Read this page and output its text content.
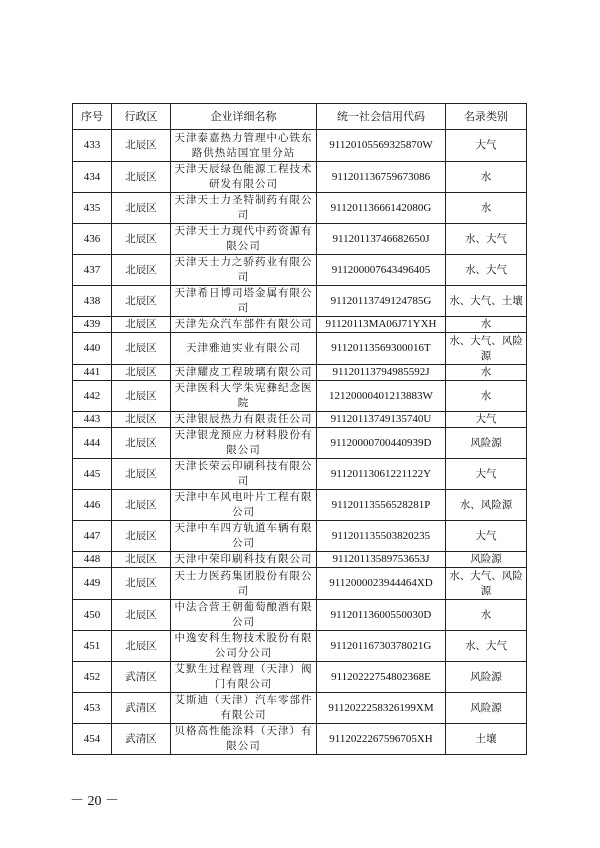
序号	行政区	企业详细名称	统一社会信用代码	名录类别
433	北辰区	天津泰嘉热力管理中心铁东路供热站国宜里分站	91120105569325870W	大气
434	北辰区	天津天辰绿色能源工程技术研发有限公司	911201136759673086	水
435	北辰区	天津天士力圣特制药有限公司	91120113666142080G	水
436	北辰区	天津天士力现代中药资源有限公司	91120113746682650J	水、大气
437	北辰区	天津天士力之骄药业有限公司	911200007643496405	水、大气
438	北辰区	天津希日博司塔金属有限公司	91120113749124785G	水、大气、土壤
439	北辰区	天津先众汽车部件有限公司	91120113MA06J71YXH	水
440	北辰区	天津雅迪实业有限公司	91120113569300016T	水、大气、风险源
441	北辰区	天津耀皮工程玻璃有限公司	91120113794985592J	水
442	北辰区	天津医科大学朱宪彝纪念医院	12120000401213883W	水
443	北辰区	天津银辰热力有限责任公司	91120113749135740U	大气
444	北辰区	天津银龙预应力材料股份有限公司	91120000700440939D	风险源
445	北辰区	天津长荣云印刷科技有限公司	91120113061221122Y	大气
446	北辰区	天津中车风电叶片工程有限公司	91120113556528281P	水、风险源
447	北辰区	天津中车四方轨道车辆有限公司	911201135503820235	大气
448	北辰区	天津中荣印刷科技有限公司	91120113589753653J	风险源
449	北辰区	天士力医药集团股份有限公司	9112000023944464XD	水、大气、风险源
450	北辰区	中法合营王朝葡萄酿酒有限公司	91120113600550030D	水
451	北辰区	中逸安科生物技术股份有限公司分公司	91120116730378021G	水、大气
452	武清区	艾默生过程管理（天津）阀门有限公司	91120222754802368E	风险源
453	武清区	艾斯迪（天津）汽车零部件有限公司	9112022258326199XM	风险源
454	武清区	贝格高性能涂料（天津）有限公司	9112022267596705XH	土壤
－ 20 －
